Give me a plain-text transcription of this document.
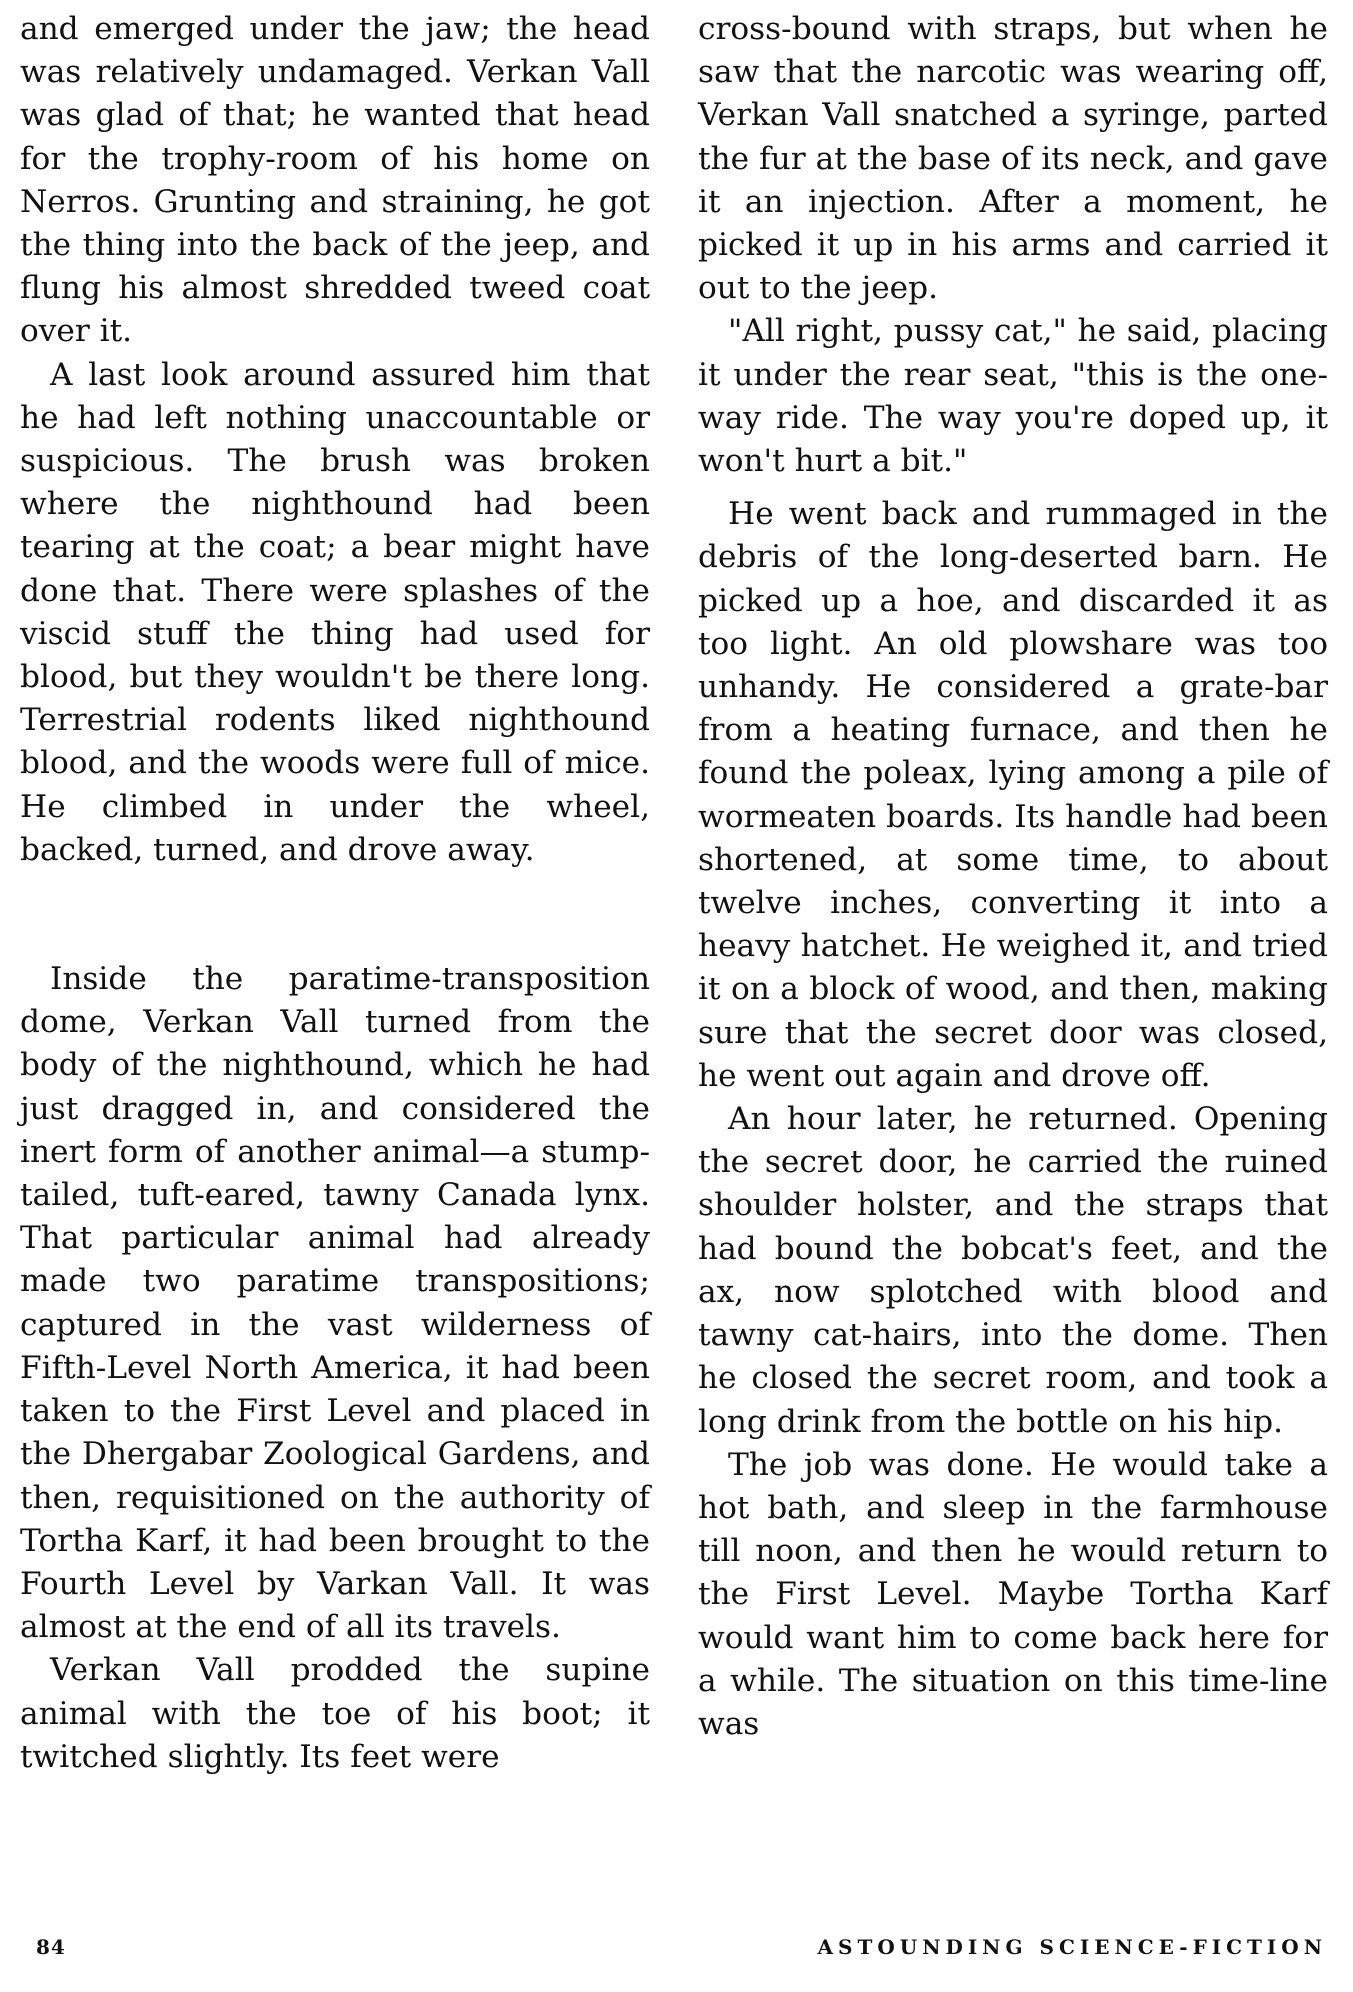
and emerged under the jaw; the head was relatively undamaged. Verkan Vall was glad of that; he wanted that head for the trophy-room of his home on Nerros. Grunting and straining, he got the thing into the back of the jeep, and flung his almost shredded tweed coat over it.

A last look around assured him that he had left nothing unaccountable or suspicious. The brush was broken where the nighthound had been tearing at the coat; a bear might have done that. There were splashes of the viscid stuff the thing had used for blood, but they wouldn't be there long. Terrestrial rodents liked nighthound blood, and the woods were full of mice. He climbed in under the wheel, backed, turned, and drove away.

Inside the paratime-transposition dome, Verkan Vall turned from the body of the nighthound, which he had just dragged in, and considered the inert form of another animal—a stump-tailed, tuft-eared, tawny Canada lynx. That particular animal had already made two paratime transpositions; captured in the vast wilderness of Fifth-Level North America, it had been taken to the First Level and placed in the Dhergabar Zoological Gardens, and then, requisitioned on the authority of Tortha Karf, it had been brought to the Fourth Level by Varkan Vall. It was almost at the end of all its travels.

Verkan Vall prodded the supine animal with the toe of his boot; it twitched slightly. Its feet were

cross-bound with straps, but when he saw that the narcotic was wearing off, Verkan Vall snatched a syringe, parted the fur at the base of its neck, and gave it an injection. After a moment, he picked it up in his arms and carried it out to the jeep.

"All right, pussy cat," he said, placing it under the rear seat, "this is the one-way ride. The way you're doped up, it won't hurt a bit."

He went back and rummaged in the debris of the long-deserted barn. He picked up a hoe, and discarded it as too light. An old plowshare was too unhandy. He considered a grate-bar from a heating furnace, and then he found the poleax, lying among a pile of wormeaten boards. Its handle had been shortened, at some time, to about twelve inches, converting it into a heavy hatchet. He weighed it, and tried it on a block of wood, and then, making sure that the secret door was closed, he went out again and drove off.

An hour later, he returned. Opening the secret door, he carried the ruined shoulder holster, and the straps that had bound the bobcat's feet, and the ax, now splotched with blood and tawny cat-hairs, into the dome. Then he closed the secret room, and took a long drink from the bottle on his hip.

The job was done. He would take a hot bath, and sleep in the farmhouse till noon, and then he would return to the First Level. Maybe Tortha Karf would want him to come back here for a while. The situation on this time-line was

84	ASTOUNDING SCIENCE-FICTION
